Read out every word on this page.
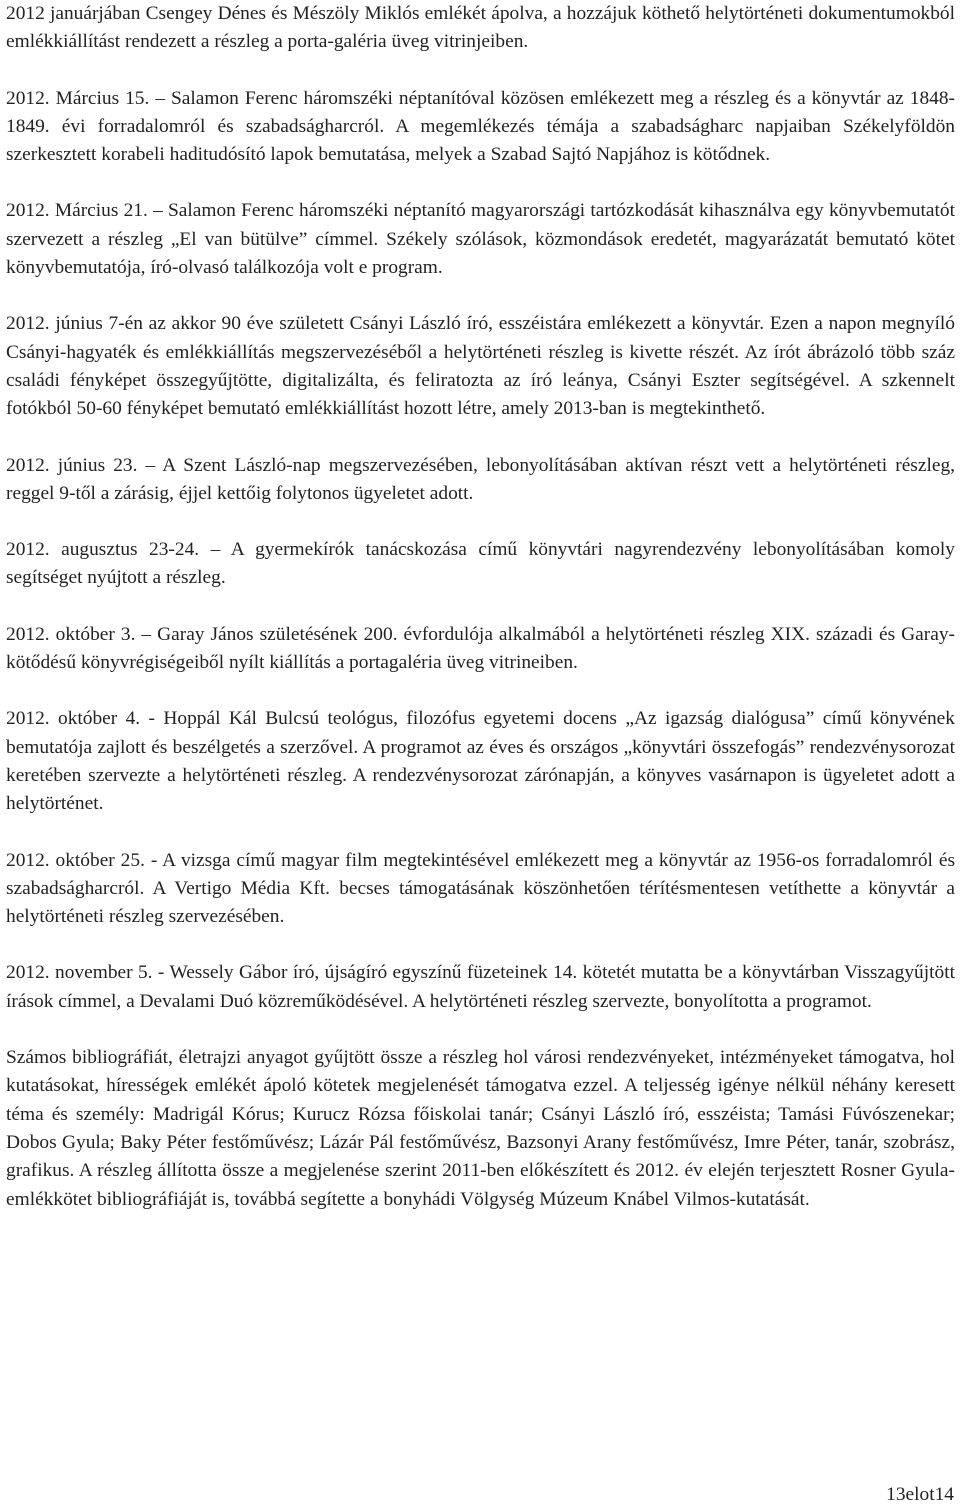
2012 januárjában Csengey Dénes és Mészöly Miklós emlékét ápolva, a hozzájuk köthető helytörténeti dokumentumokból emlékkiállítást rendezett a részleg a porta-galéria üveg vitrinjeiben.

2012. Március 15. – Salamon Ferenc háromszéki néptanítóval közösen emlékezett meg a részleg és a könyvtár az 1848-1849. évi forradalomról és szabadságharcról. A megemlékezés témája a szabadságharc napjaiban Székelyföldön szerkesztett korabeli haditudósító lapok bemutatása, melyek a Szabad Sajtó Napjához is kötődnek.

2012. Március 21. – Salamon Ferenc háromszéki néptanító magyarországi tartózkodását kihasználva egy könyvbemutatót szervezett a részleg „El van bütülve” címmel. Székely szólások, közmondások eredetét, magyarázatát bemutató kötet könyvbemutatója, író-olvasó találkozója volt e program.

2012. június 7-én az akkor 90 éve született Csányi László író, esszéistára emlékezett a könyvtár. Ezen a napon megnyíló Csányi-hagyaték és emlékkiállítás megszervezéséből a helytörténeti részleg is kivette részét. Az írót ábrázoló több száz családi fényképet összegyűjtötte, digitalizálta, és feliratozta az író leánya, Csányi Eszter segítségével. A szkennelt fotókból 50-60 fényképet bemutató emlékkiállítást hozott létre, amely 2013-ban is megtekinthető.

2012. június 23. – A Szent László-nap megszervezésében, lebonyolításában aktívan részt vett a helytörténeti részleg, reggel 9-től a zárásig, éjjel kettőig folytonos ügyeletet adott.

2012. augusztus 23-24. – A gyermekírók tanácskozása című könyvtári nagyrendezvény lebonyolításában komoly segítséget nyújtott a részleg.

2012. október 3. – Garay János születésének 200. évfordulója alkalmából a helytörténeti részleg XIX. századi és Garay-kötődésű könyvrégiségeiből nyílt kiállítás a portagaléria üveg vitrineiben.

2012. október 4. - Hoppál Kál Bulcsú teológus, filozófus egyetemi docens „Az igazság dialógusa” című könyvének bemutatója zajlott és beszélgetés a szerzővel. A programot az éves és országos „könyvtári összefogás” rendezvénysorozat keretében szervezte a helytörténeti részleg. A rendezvénysorozat zárónapján, a könyves vasárnapon is ügyeletet adott a helytörténet.

2012. október 25. - A vizsga című magyar film megtekintésével emlékezett meg a könyvtár az 1956-os forradalomról és szabadságharcról. A Vertigo Média Kft. becses támogatásának köszönhetően térítésmentesen vetíthette a könyvtár a helytörténeti részleg szervezésében.

2012. november 5. - Wessely Gábor író, újságíró egyszínű füzeteinek 14. kötetét mutatta be a könyvtárban Visszagyűjtött írások címmel, a Devalami Duó közreműködésével. A helytörténeti részleg szervezte, bonyolította a programot.

Számos bibliográfiát, életrajzi anyagot gyűjtött össze a részleg hol városi rendezvényeket, intézményeket támogatva, hol kutatásokat, hírességek emlékét ápoló kötetek megjelenését támogatva ezzel. A teljesség igénye nélkül néhány keresett téma és személy: Madrigál Kórus; Kurucz Rózsa főiskolai tanár; Csányi László író, esszéista; Tamási Fúvószenekar; Dobos Gyula; Baky Péter festőművész; Lázár Pál festőművész, Bazsonyi Arany festőművész, Imre Péter, tanár, szobrász, grafikus. A részleg állította össze a megjelenése szerint 2011-ben előkészített és 2012. év elején terjesztett Rosner Gyula-emlékkötet bibliográfiáját is, továbbá segítette a bonyhádi Völgység Múzeum Knábel Vilmos-kutatását.

13elot14
